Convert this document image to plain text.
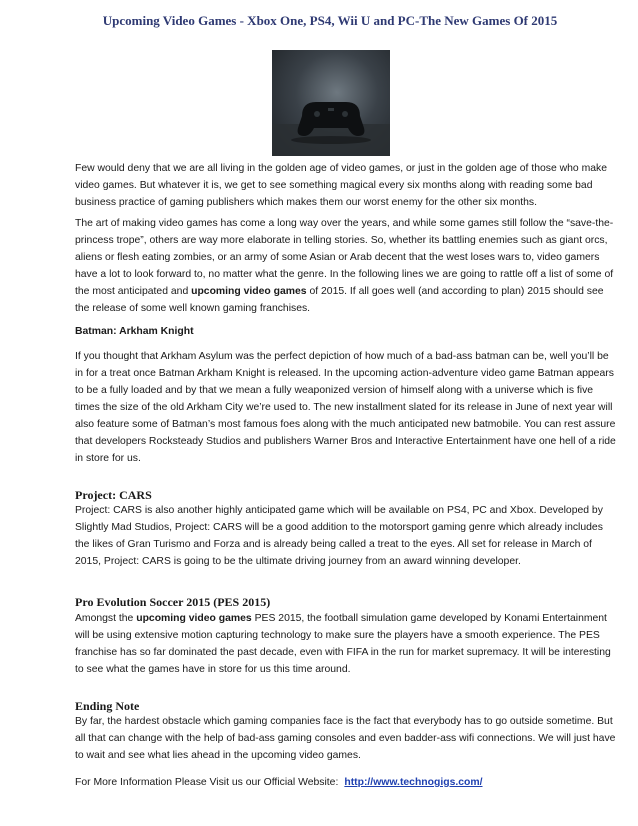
Upcoming Video Games - Xbox One, PS4, Wii U and PC-The New Games Of 2015

Few would deny that we are all living in the golden age of video games, or just in the golden age of those who make video games. But whatever it is, we get to see something magical every six months along with reading some bad business practice of gaming publishers which makes them our worst enemy for the other six months.

The art of making video games has come a long way over the years, and while some games still follow the “save-the-princess trope”, others are way more elaborate in telling stories. So, whether its battling enemies such as giant orcs, aliens or flesh eating zombies, or an army of some Asian or Arab decent that the west loses wars to, video gamers have a lot to look forward to, no matter what the genre. In the following lines we are going to rattle off a list of some of the most anticipated and upcoming video games of 2015. If all goes well (and according to plan) 2015 should see the release of some well known gaming franchises.

Batman: Arkham Knight

If you thought that Arkham Asylum was the perfect depiction of how much of a bad-ass batman can be, well you’ll be in for a treat once Batman Arkham Knight is released. In the upcoming action-adventure video game Batman appears to be a fully loaded and by that we mean a fully weaponized version of himself along with a universe which is five times the size of the old Arkham City we’re used to. The new installment slated for its release in June of next year will also feature some of Batman’s most famous foes along with the much anticipated new batmobile. You can rest assure that developers Rocksteady Studios and publishers Warner Bros and Interactive Entertainment have one hell of a ride in store for us.

Project: CARS

Project: CARS is also another highly anticipated game which will be available on PS4, PC and Xbox. Developed by Slightly Mad Studios, Project: CARS will be a good addition to the motorsport gaming genre which already includes the likes of Gran Turismo and Forza and is already being called a treat to the eyes. All set for release in March of 2015, Project: CARS is going to be the ultimate driving journey from an award winning developer.

Pro Evolution Soccer 2015 (PES 2015)

Amongst the upcoming video games PES 2015, the football simulation game developed by Konami Entertainment will be using extensive motion capturing technology to make sure the players have a smooth experience. The PES franchise has so far dominated the past decade, even with FIFA in the run for market supremacy. It will be interesting to see what the games have in store for us this time around.

Ending Note

By far, the hardest obstacle which gaming companies face is the fact that everybody has to go outside sometime. But all that can change with the help of bad-ass gaming consoles and even badder-ass wifi connections. We will just have to wait and see what lies ahead in the upcoming video games.

For More Information Please Visit us our Official Website: http://www.technogigs.com/
